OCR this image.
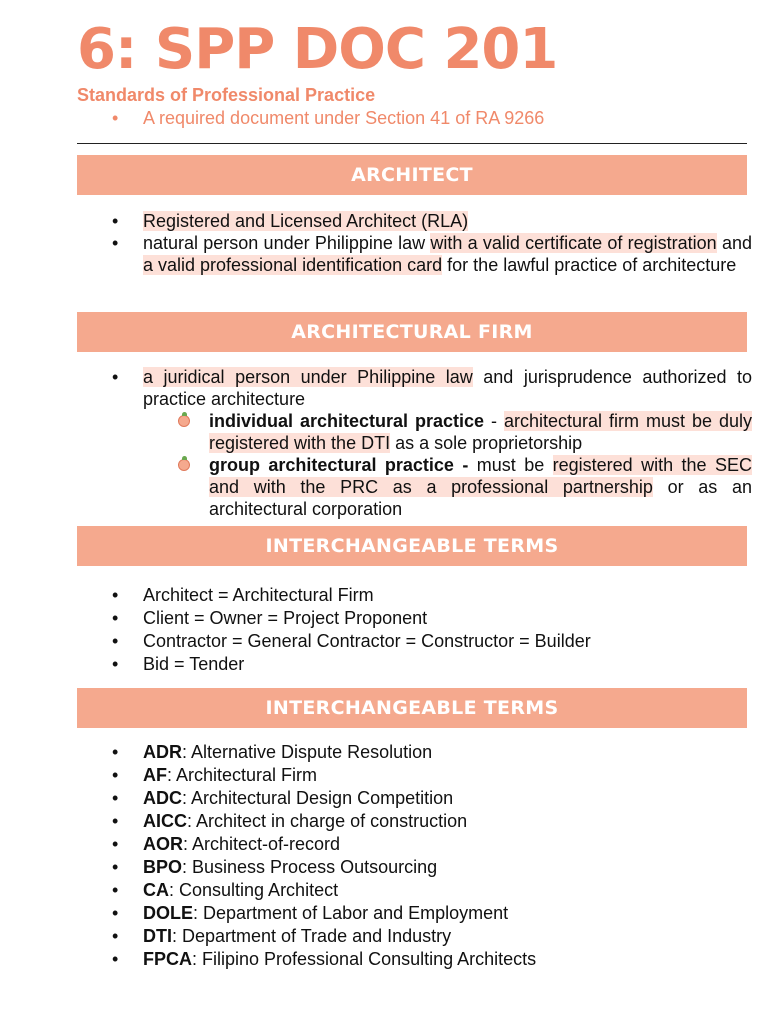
6: SPP DOC 201
Standards of Professional Practice
• A required document under Section 41 of RA 9266
ARCHITECT
• Registered and Licensed Architect (RLA)
• natural person under Philippine law with a valid certificate of registration and a valid professional identification card for the lawful practice of architecture
ARCHITECTURAL FIRM
• a juridical person under Philippine law and jurisprudence authorized to practice architecture
individual architectural practice - architectural firm must be duly registered with the DTI as a sole proprietorship
group architectural practice - must be registered with the SEC and with the PRC as a professional partnership or as an architectural corporation
INTERCHANGEABLE TERMS
• Architect = Architectural Firm
• Client = Owner = Project Proponent
• Contractor = General Contractor = Constructor = Builder
• Bid = Tender
INTERCHANGEABLE TERMS
• ADR: Alternative Dispute Resolution
• AF: Architectural Firm
• ADC: Architectural Design Competition
• AICC: Architect in charge of construction
• AOR: Architect-of-record
• BPO: Business Process Outsourcing
• CA: Consulting Architect
• DOLE: Department of Labor and Employment
• DTI: Department of Trade and Industry
• FPCA: Filipino Professional Consulting Architects
